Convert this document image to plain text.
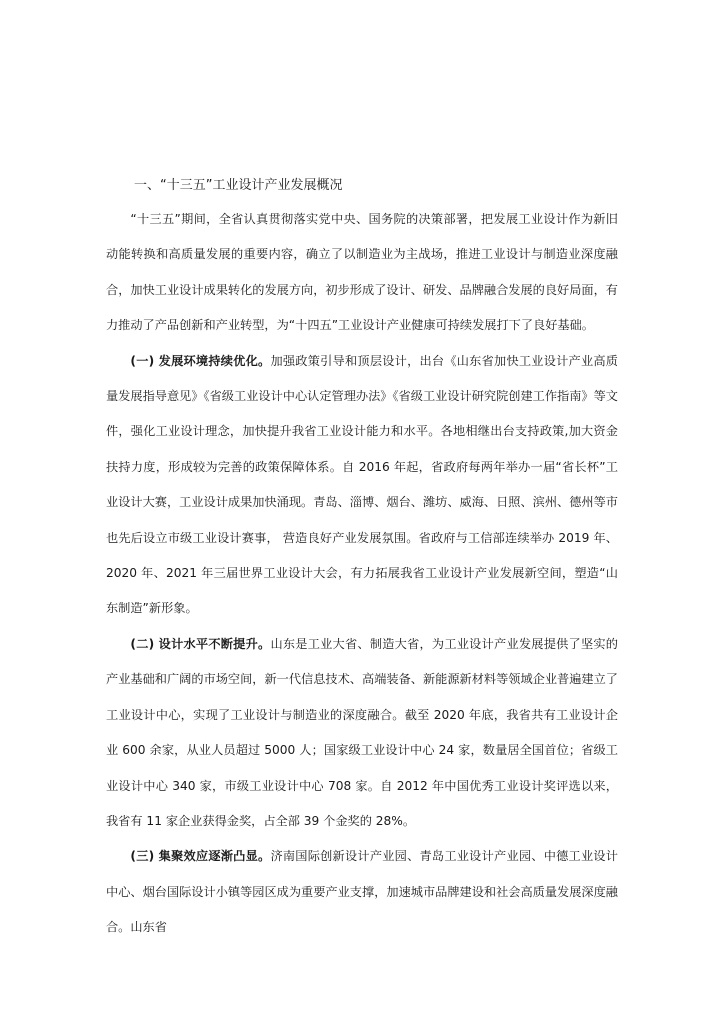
一、“十三五”工业设计产业发展概况

“十三五”期间，全省认真贯彻落实党中央、国务院的决策部署，把发展工业设计作为新旧动能转换和高质量发展的重要内容，确立了以制造业为主战场，推进工业设计与制造业深度融合，加快工业设计成果转化的发展方向，初步形成了设计、研发、品牌融合发展的良好局面，有力推动了产品创新和产业转型，为“十四五”工业设计产业健康可持续发展打下了良好基础。

(一) 发展环境持续优化。加强政策引导和顶层设计，出台《山东省加快工业设计产业高质量发展指导意见》《省级工业设计中心认定管理办法》《省级工业设计研究院创建工作指南》等文件，强化工业设计理念，加快提升我省工业设计能力和水平。各地相继出台支持政策,加大资金扶持力度，形成较为完善的政策保障体系。自 2016 年起，省政府每两年举办一届“省长杯”工业设计大赛，工业设计成果加快涌现。青岛、淄博、烟台、潍坊、威海、日照、滨州、德州等市也先后设立市级工业设计赛事， 营造良好产业发展氛围。省政府与工信部连续举办 2019 年、2020 年、2021 年三届世界工业设计大会，有力拓展我省工业设计产业发展新空间，塑造“山东制造”新形象。

(二) 设计水平不断提升。山东是工业大省、制造大省，为工业设计产业发展提供了坚实的产业基础和广阔的市场空间，新一代信息技术、高端装备、新能源新材料等领域企业普遍建立了工业设计中心，实现了工业设计与制造业的深度融合。截至 2020 年底，我省共有工业设计企业 600 余家，从业人员超过 5000 人；国家级工业设计中心 24 家，数量居全国首位；省级工业设计中心 340 家，市级工业设计中心 708 家。自 2012 年中国优秀工业设计奖评选以来，我省有 11 家企业获得金奖，占全部 39 个金奖的 28%。

(三) 集聚效应逐渐凸显。济南国际创新设计产业园、青岛工业设计产业园、中德工业设计中心、烟台国际设计小镇等园区成为重要产业支撑，加速城市品牌建设和社会高质量发展深度融合。山东省
